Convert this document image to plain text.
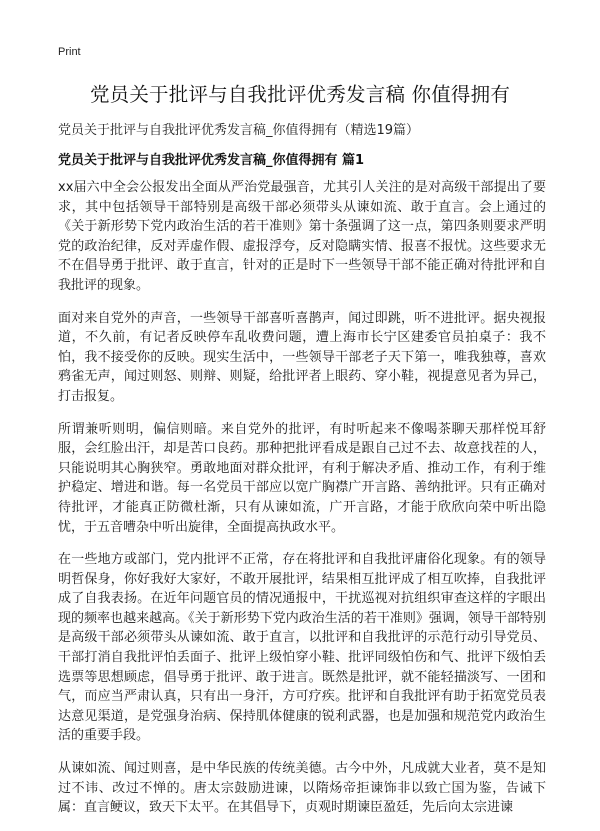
Print
党员关于批评与自我批评优秀发言稿 你值得拥有
党员关于批评与自我批评优秀发言稿_你值得拥有（精选19篇）
党员关于批评与自我批评优秀发言稿_你值得拥有 篇1

xx届六中全会公报发出全面从严治党最强音，尤其引人关注的是对高级干部提出了要求，其中包括领导干部特别是高级干部必须带头从谏如流、敢于直言。会上通过的《关于新形势下党内政治生活的若干准则》第十条强调了这一点，第四条则要求严明党的政治纪律，反对弄虚作假、虚报浮夸，反对隐瞒实情、报喜不报忧。这些要求无不在倡导勇于批评、敢于直言，针对的正是时下一些领导干部不能正确对待批评和自我批评的现象。

面对来自党外的声音，一些领导干部喜听喜鹊声，闻过即跳，听不进批评。据央视报道，不久前，有记者反映停车乱收费问题，遭上海市长宁区建委官员拍桌子：我不怕，我不接受你的反映。现实生活中，一些领导干部老子天下第一，唯我独尊，喜欢鸦雀无声，闻过则怒、则辩、则疑，给批评者上眼药、穿小鞋，视提意见者为异己，打击报复。

所谓兼听则明，偏信则暗。来自党外的批评，有时听起来不像喝茶聊天那样悦耳舒服，会红脸出汗，却是苦口良药。那种把批评看成是跟自己过不去、故意找茬的人，只能说明其心胸狭窄。勇敢地面对群众批评，有利于解决矛盾、推动工作，有利于维护稳定、增进和谐。每一名党员干部应以宽广胸襟广开言路、善纳批评。只有正确对待批评，才能真正防微杜渐，只有从谏如流，广开言路，才能于欣欣向荣中听出隐忧，于五音嘈杂中听出旋律，全面提高执政水平。

在一些地方或部门，党内批评不正常，存在将批评和自我批评庸俗化现象。有的领导明哲保身，你好我好大家好，不敢开展批评，结果相互批评成了相互吹捧，自我批评成了自我表扬。在近年问题官员的情况通报中，干扰巡视对抗组织审查这样的字眼出现的频率也越来越高。《关于新形势下党内政治生活的若干准则》强调，领导干部特别是高级干部必须带头从谏如流、敢于直言，以批评和自我批评的示范行动引导党员、干部打消自我批评怕丢面子、批评上级怕穿小鞋、批评同级怕伤和气、批评下级怕丢选票等思想顾虑，倡导勇于批评、敢于进言。既然是批评，就不能轻描淡写、一团和气，而应当严肃认真，只有出一身汗，方可疗疾。批评和自我批评有助于拓宽党员表达意见渠道，是党强身治病、保持肌体健康的锐利武器，也是加强和规范党内政治生活的重要手段。

从谏如流、闻过则喜，是中华民族的传统美德。古今中外，凡成就大业者，莫不是知过不讳、改过不惮的。唐太宗鼓励进谏，以隋炀帝拒谏饰非以致亡国为鉴，告诫下属：直言鲠议，致天下太平。在其倡导下，贞观时期谏臣盈廷，先后向太宗进谏
